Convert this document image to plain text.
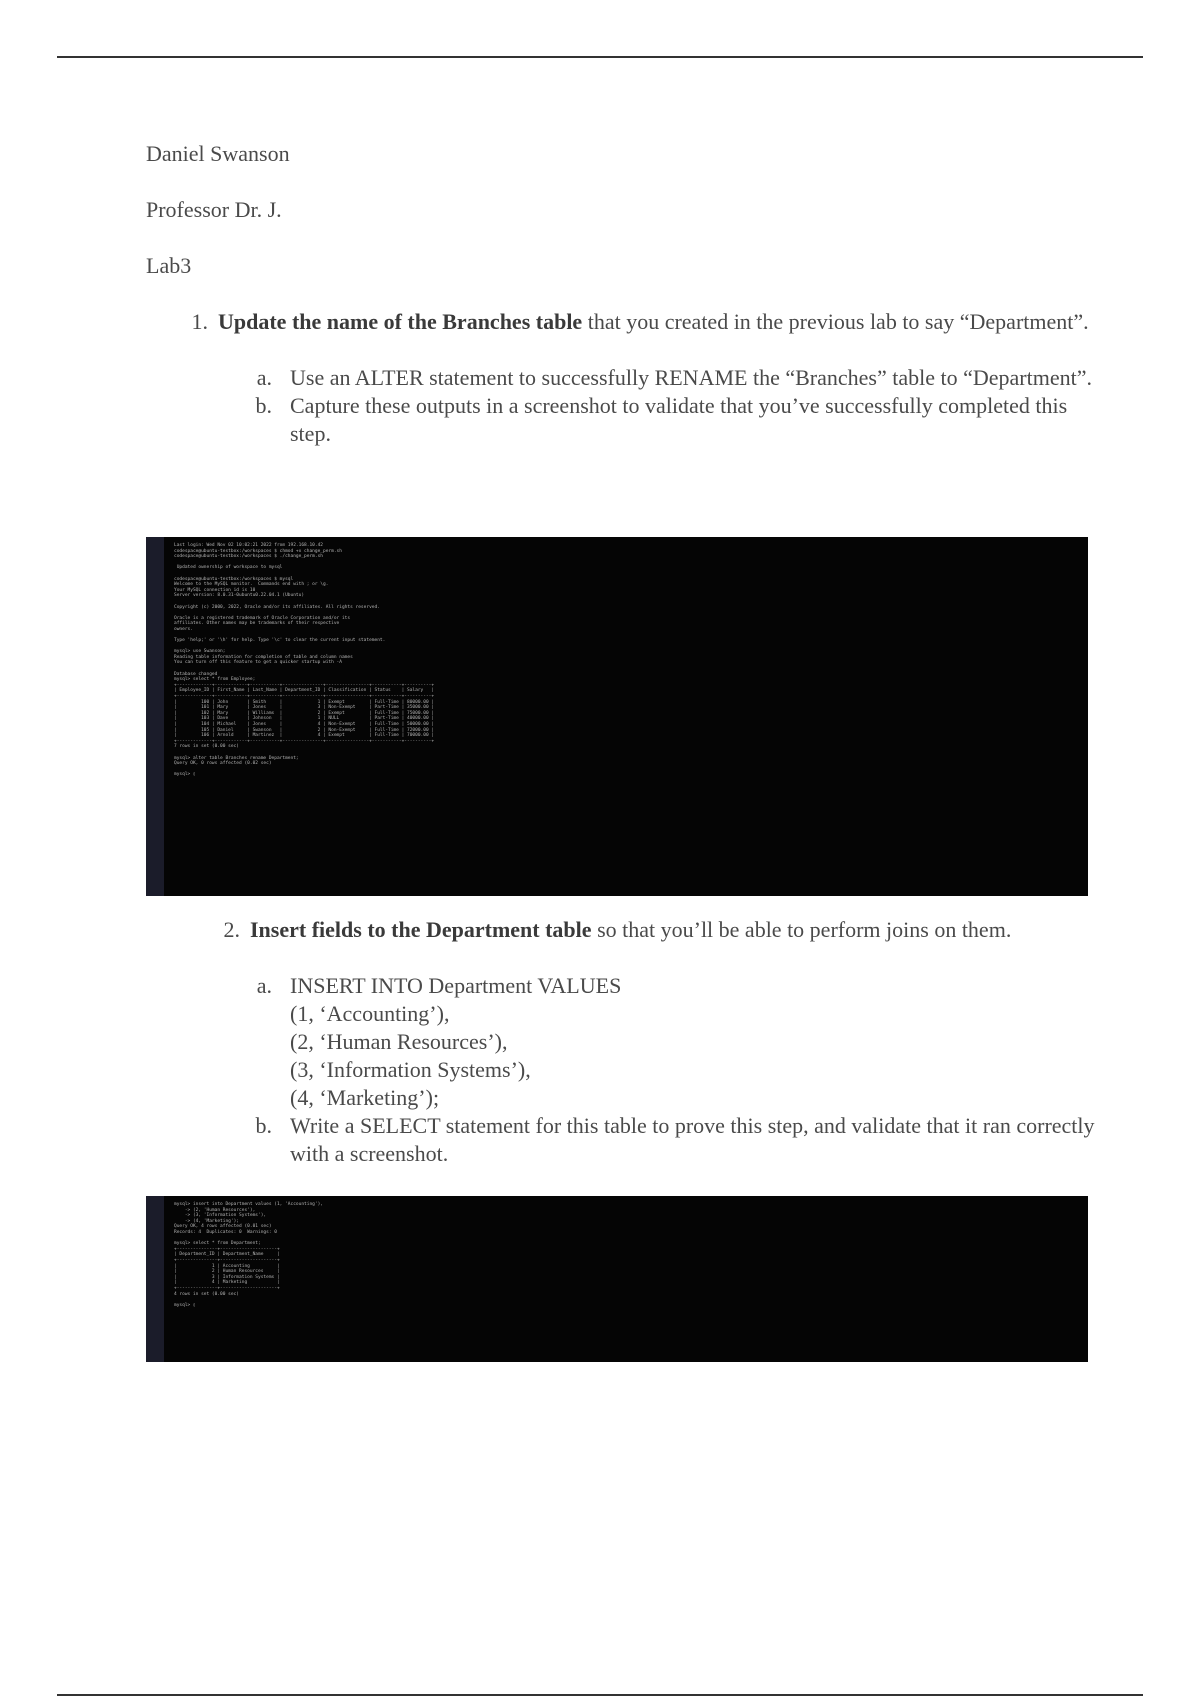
Daniel Swanson

Professor Dr. J.

Lab3

1. Update the name of the Branches table that you created in the previous lab to say “Department”.
a. Use an ALTER statement to successfully RENAME the “Branches” table to “Department”.
b. Capture these outputs in a screenshot to validate that you’ve successfully completed this step.
Last login: Wed Nov 02 10:02:21 2022 from 192.168.10.42
codespace@ubuntu-testbox:/workspaces $ chmod +x change_perm.sh
codespace@ubuntu-testbox:/workspaces $ ./change_perm.sh

Updated ownership of workspace to mysql

codespace@ubuntu-testbox:/workspaces $ mysql
Welcome to the MySQL monitor.  Commands end with ; or \g.
Your MySQL connection id is 10
Server version: 8.0.31-0ubuntu0.22.04.1 (Ubuntu)

Copyright (c) 2000, 2022, Oracle and/or its affiliates. All rights reserved.

Oracle is a registered trademark of Oracle Corporation and/or its
affiliates. Other names may be trademarks of their respective
owners.

Type 'help;' or '\h' for help. Type '\c' to clear the current input statement.

mysql> use Swanson;
Reading table information for completion of table and column names
You can turn off this feature to get a quicker startup with -A

Database changed
mysql> select * from Employee;
+-------------+------------+-----------+---------------+----------------+-----------+----------+
| Employee_ID | First_Name | Last_Name | Department_ID | Classification | Status    | Salary   |
+-------------+------------+-----------+---------------+----------------+-----------+----------+
|         100 | John       | Smith     |             1 | Exempt         | Full-Time | 80000.00 |
|         101 | Mary       | Jones     |             3 | Non-Exempt     | Part-Time | 35000.00 |
|         102 | Mary       | Williams  |             2 | Exempt         | Full-Time | 75000.00 |
|         103 | Dave       | Johnson   |             1 | NULL           | Part-Time | 40000.00 |
|         104 | Michael    | Jones     |             4 | Non-Exempt     | Full-Time | 50000.00 |
|         105 | Daniel     | Swanson   |             2 | Non-Exempt     | Full-Time | 72000.00 |
|         106 | Arnold     | Martinez  |             4 | Exempt         | Full-Time | 70000.00 |
+-------------+------------+-----------+---------------+----------------+-----------+----------+
7 rows in set (0.00 sec)

mysql> alter table Branches rename Department;
Query OK, 0 rows affected (0.02 sec)

mysql> ▯
2. Insert fields to the Department table so that you’ll be able to perform joins on them.
a. INSERT INTO Department VALUES
(1, ‘Accounting’),
(2, ‘Human Resources’),
(3, ‘Information Systems’),
(4, ‘Marketing’);
b. Write a SELECT statement for this table to prove this step, and validate that it ran correctly with a screenshot.
mysql> insert into Department values (1, 'Accounting'),
-> (2, 'Human Resources'),
-> (3, 'Information Systems'),
-> (4, 'Marketing');
Query OK, 4 rows affected (0.01 sec)
Records: 4  Duplicates: 0  Warnings: 0

mysql> select * from Department;
+---------------+---------------------+
| Department_ID | Department_Name     |
+---------------+---------------------+
|             1 | Accounting          |
|             2 | Human Resources     |
|             3 | Information Systems |
|             4 | Marketing           |
+---------------+---------------------+
4 rows in set (0.00 sec)

mysql> ▯
